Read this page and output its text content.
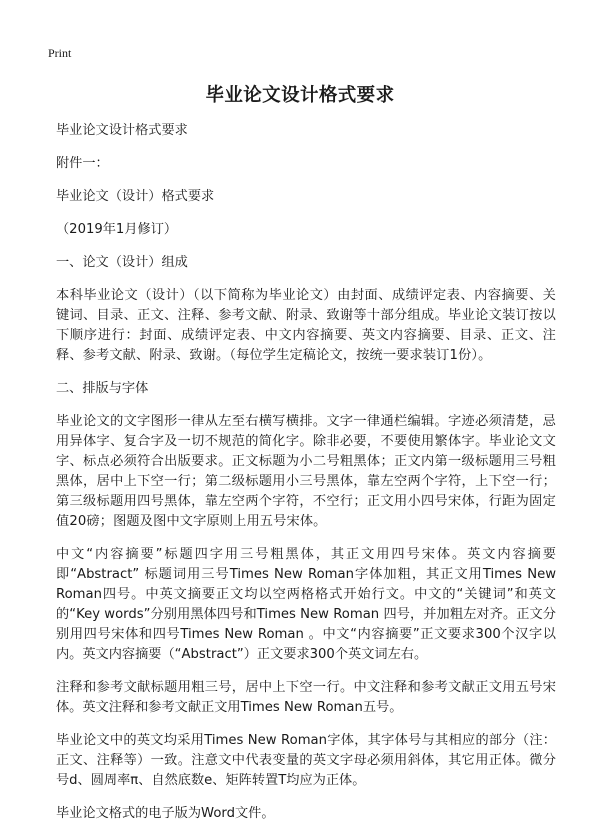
Print
毕业论文设计格式要求
毕业论文设计格式要求
附件一：
毕业论文（设计）格式要求
（2019年1月修订）
一、论文（设计）组成
本科毕业论文（设计）（以下简称为毕业论文）由封面、成绩评定表、内容摘要、关键词、目录、正文、注释、参考文献、附录、致谢等十部分组成。毕业论文装订按以下顺序进行：封面、成绩评定表、中文内容摘要、英文内容摘要、目录、正文、注释、参考文献、附录、致谢。（每位学生定稿论文，按统一要求装订1份）。
二、排版与字体
毕业论文的文字图形一律从左至右横写横排。文字一律通栏编辑。字迹必须清楚，忌用异体字、复合字及一切不规范的简化字。除非必要，不要使用繁体字。毕业论文文字、标点必须符合出版要求。正文标题为小二号粗黑体；正文内第一级标题用三号粗黑体，居中上下空一行；第二级标题用小三号黑体，靠左空两个字符，上下空一行；第三级标题用四号黑体，靠左空两个字符，不空行；正文用小四号宋体，行距为固定值20磅；图题及图中文字原则上用五号宋体。
中文“内容摘要”标题四字用三号粗黑体，其正文用四号宋体。英文内容摘要即“Abstract” 标题词用三号Times New Roman字体加粗，其正文用Times New Roman四号。中英文摘要正文均以空两格格式开始行文。中文的“关键词”和英文的“Key words”分别用黑体四号和Times New Roman 四号，并加粗左对齐。正文分别用四号宋体和四号Times New Roman 。中文“内容摘要”正文要求300个汉字以内。英文内容摘要（“Abstract”）正文要求300个英文词左右。
注释和参考文献标题用粗三号，居中上下空一行。中文注释和参考文献正文用五号宋体。英文注释和参考文献正文用Times New Roman五号。
毕业论文中的英文均采用Times New Roman字体，其字体号与其相应的部分（注：正文、注释等）一致。注意文中代表变量的英文字母必须用斜体，其它用正体。微分号d、圆周率π、自然底数e、矩阵转置T均应为正体。
毕业论文格式的电子版为Word文件。
